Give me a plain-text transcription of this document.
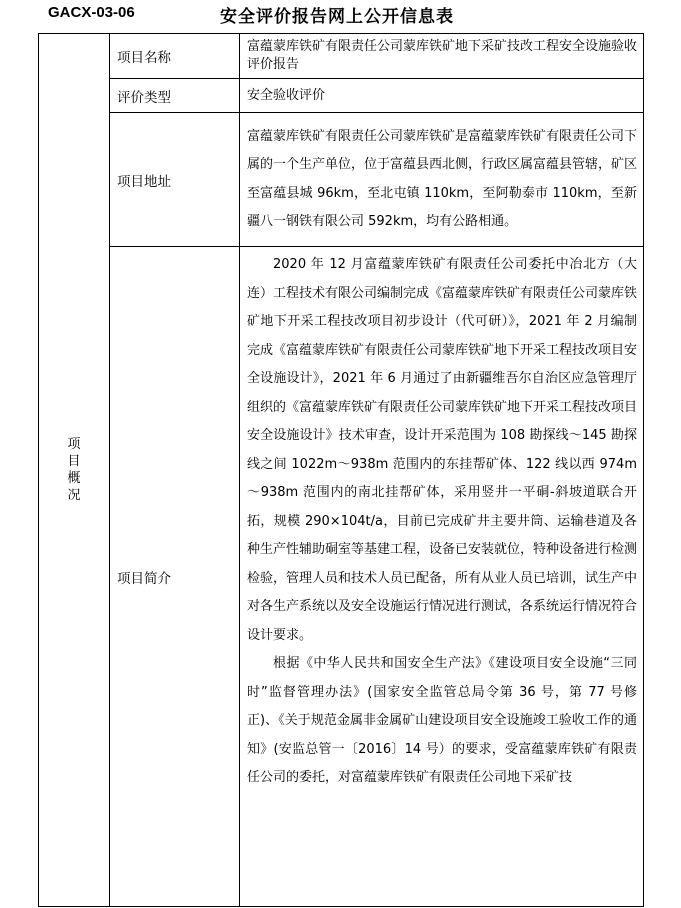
GACX-03-06	安全评价报告网上公开信息表
项目概况	项目名称	富蕴蒙库铁矿有限责任公司蒙库铁矿地下采矿技改工程安全设施验收评价报告
	评价类型	安全验收评价
	项目地址	富蕴蒙库铁矿有限责任公司蒙库铁矿是富蕴蒙库铁矿有限责任公司下属的一个生产单位，位于富蕴县西北侧，行政区属富蕴县管辖，矿区至富蕴县城 96km，至北屯镇 110km，至阿勒泰市 110km，至新疆八一钢铁有限公司 592km，均有公路相通。
	项目简介	2020 年 12 月富蕴蒙库铁矿有限责任公司委托中冶北方（大连）工程技术有限公司编制完成《富蕴蒙库铁矿有限责任公司蒙库铁矿地下开采工程技改项目初步设计（代可研）》，2021 年 2 月编制完成《富蕴蒙库铁矿有限责任公司蒙库铁矿地下开采工程技改项目安全设施设计》，2021 年 6 月通过了由新疆维吾尔自治区应急管理厅组织的《富蕴蒙库铁矿有限责任公司蒙库铁矿地下开采工程技改项目安全设施设计》技术审查，设计开采范围为 108 勘探线～145 勘探线之间 1022m～938m 范围内的东挂帮矿体、122 线以西 974m～938m 范围内的南北挂帮矿体，采用竖井一平硐-斜坡道联合开拓，规模 290×104t/a，目前已完成矿井主要井筒、运输巷道及各种生产性辅助硐室等基建工程，设备已安装就位，特种设备进行检测检验，管理人员和技术人员已配备，所有从业人员已培训，试生产中对各生产系统以及安全设施运行情况进行测试，各系统运行情况符合设计要求。

根据《中华人民共和国安全生产法》《建设项目安全设施“三同时”监督管理办法》(国家安全监管总局令第 36 号，第 77 号修正)、《关于规范金属非金属矿山建设项目安全设施竣工验收工作的通知》(安监总管一〔2016〕14 号）的要求，受富蕴蒙库铁矿有限责任公司的委托，对富蕴蒙库铁矿有限责任公司地下采矿技
